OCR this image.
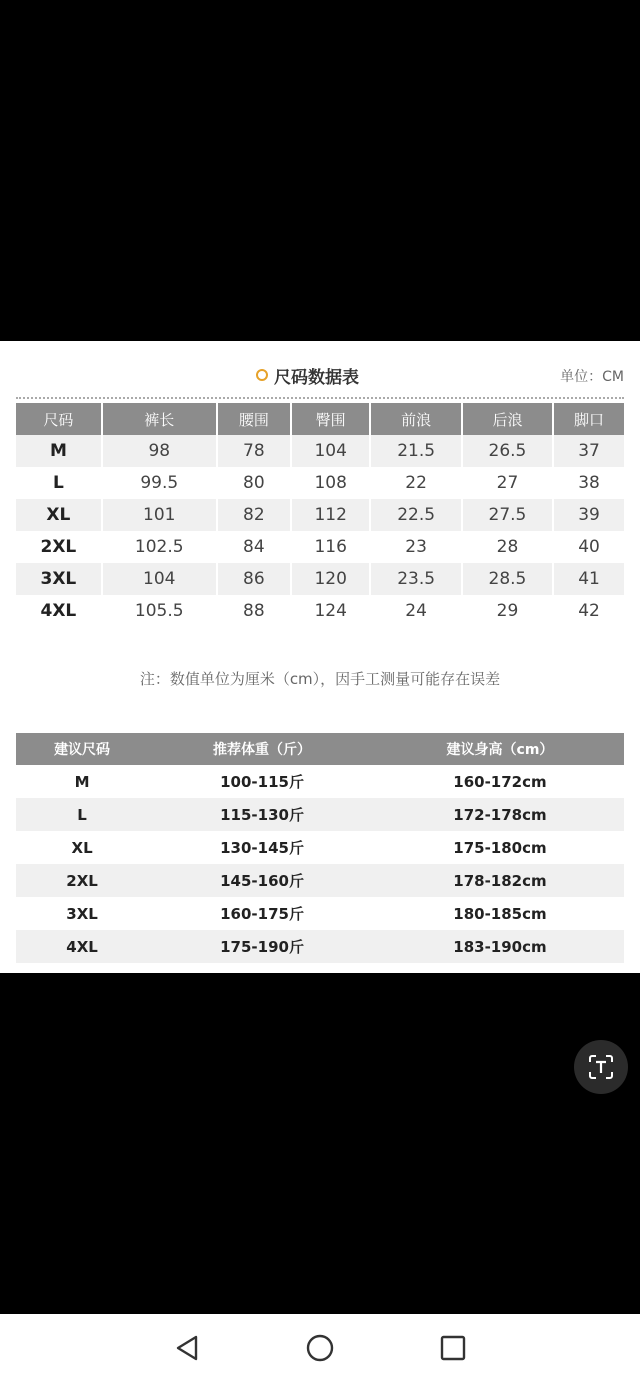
尺码数据表	单位：CM
尺码	裤长	腰围	臀围	前浪	后浪	脚口
M	98	78	104	21.5	26.5	37
L	99.5	80	108	22	27	38
XL	101	82	112	22.5	27.5	39
2XL	102.5	84	116	23	28	40
3XL	104	86	120	23.5	28.5	41
4XL	105.5	88	124	24	29	42
注：数值单位为厘米（cm），因手工测量可能存在误差
建议尺码	推荐体重（斤）	建议身高（cm）
M	100-115斤	160-172cm
L	115-130斤	172-178cm
XL	130-145斤	175-180cm
2XL	145-160斤	178-182cm
3XL	160-175斤	180-185cm
4XL	175-190斤	183-190cm
